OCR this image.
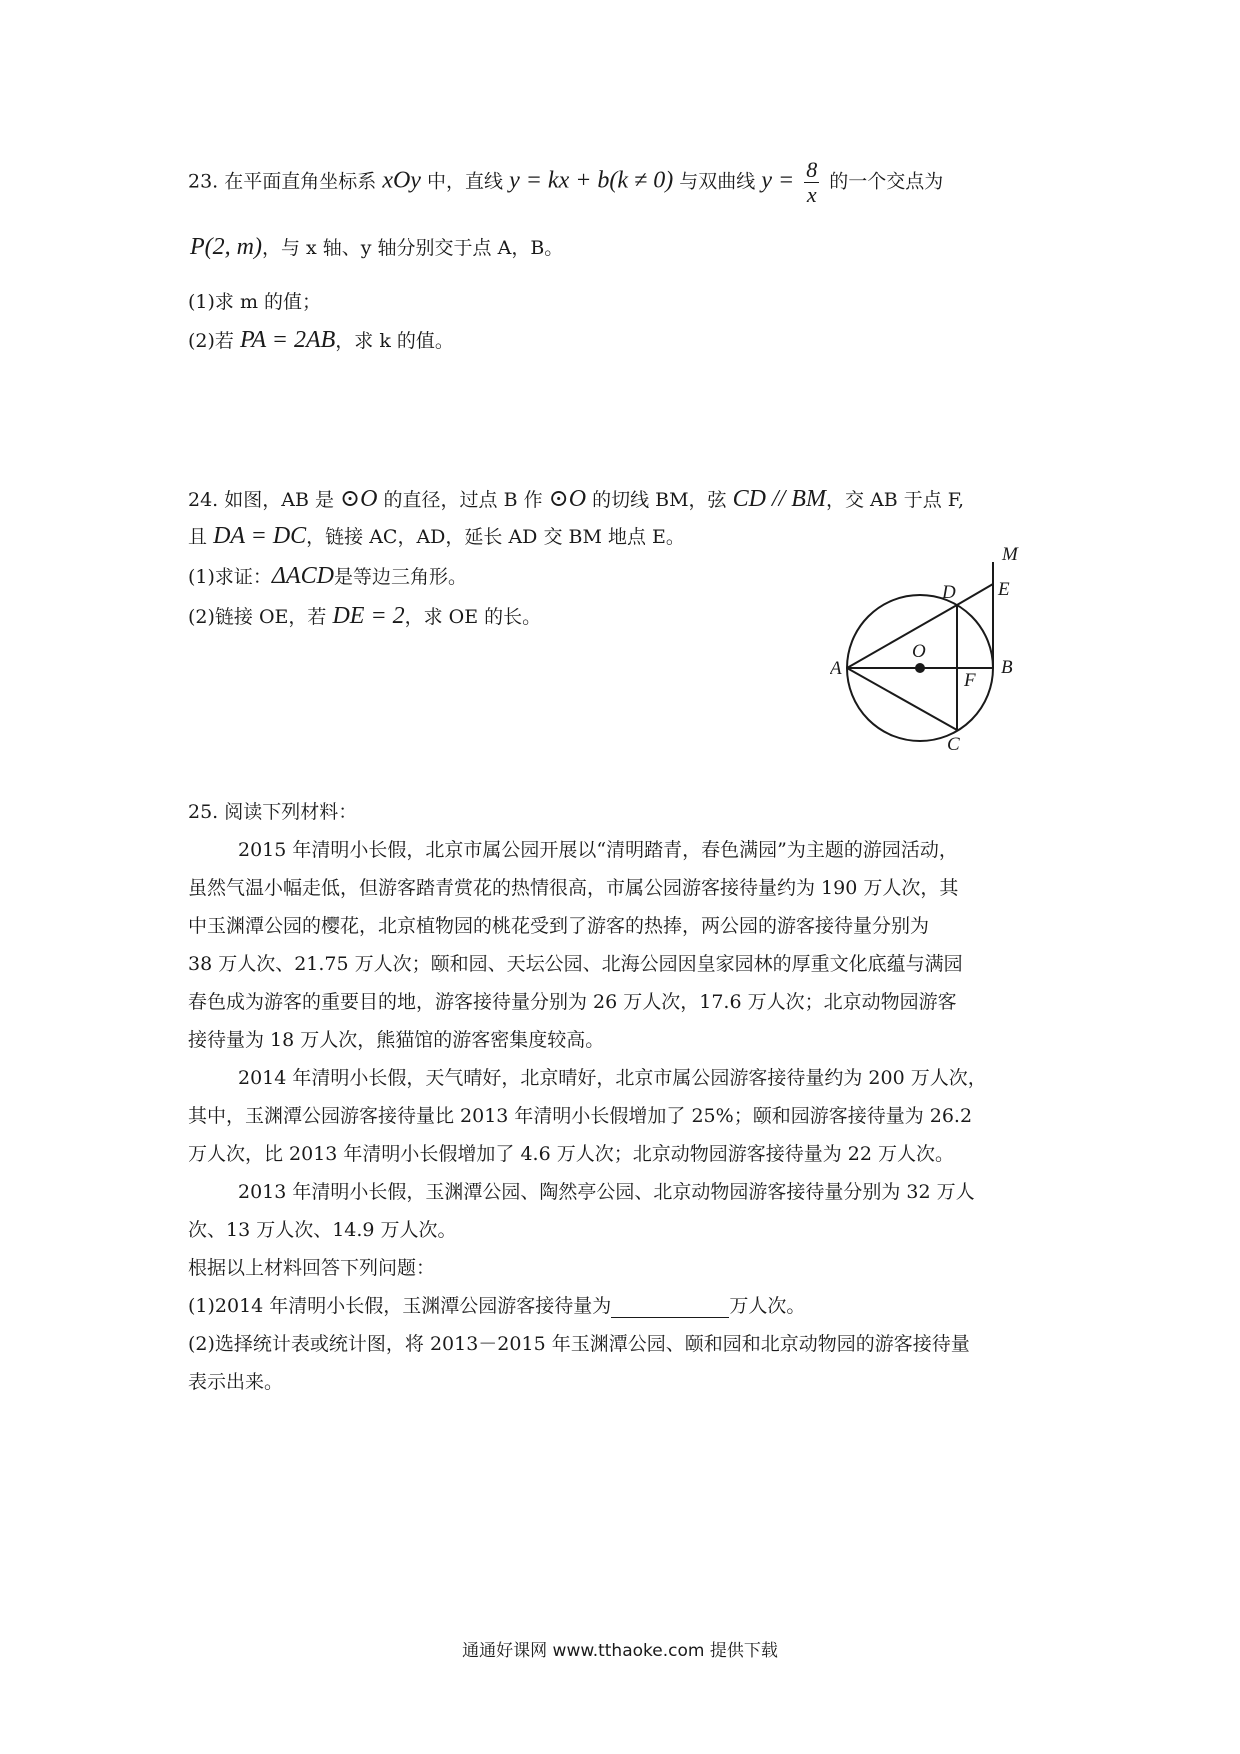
23. 在平面直角坐标系 xOy 中，直线 y = kx + b(k ≠ 0) 与双曲线 $y = \frac{8}{x}$ 的一个交点为
P(2, m)，与 x 轴、y 轴分别交于点 A，B。
(1)求 m 的值；
(2)若 PA = 2AB，求 k 的值。
24. 如图，AB 是 ⊙O 的直径，过点 B 作 ⊙O 的切线 BM，弦 CD // BM，交 AB 于点 F,
且 DA = DC，链接 AC，AD，延长 AD 交 BM 地点 E。
(1)求证：ΔACD是等边三角形。
(2)链接 OE，若 DE = 2，求 OE 的长。
M
D E
O
A
F
B
C
25. 阅读下列材料：
2015 年清明小长假，北京市属公园开展以“清明踏青，春色满园”为主题的游园活动，
虽然气温小幅走低，但游客踏青赏花的热情很高，市属公园游客接待量约为 190 万人次，其
中玉渊潭公园的樱花，北京植物园的桃花受到了游客的热捧，两公园的游客接待量分别为
38 万人次、21.75 万人次；颐和园、天坛公园、北海公园因皇家园林的厚重文化底蕴与满园
春色成为游客的重要目的地，游客接待量分别为 26 万人次，17.6 万人次；北京动物园游客
接待量为 18 万人次，熊猫馆的游客密集度较高。
2014 年清明小长假，天气晴好，北京晴好，北京市属公园游客接待量约为 200 万人次，
其中，玉渊潭公园游客接待量比 2013 年清明小长假增加了 25%；颐和园游客接待量为 26.2
万人次，比 2013 年清明小长假增加了 4.6 万人次；北京动物园游客接待量为 22 万人次。
2013 年清明小长假，玉渊潭公园、陶然亭公园、北京动物园游客接待量分别为 32 万人
次、13 万人次、14.9 万人次。
根据以上材料回答下列问题：
(1)2014 年清明小长假，玉渊潭公园游客接待量为	万人次。
(2)选择统计表或统计图，将 2013－2015 年玉渊潭公园、颐和园和北京动物园的游客接待量
表示出来。
通通好课网 www.tthaoke.com 提供下载
